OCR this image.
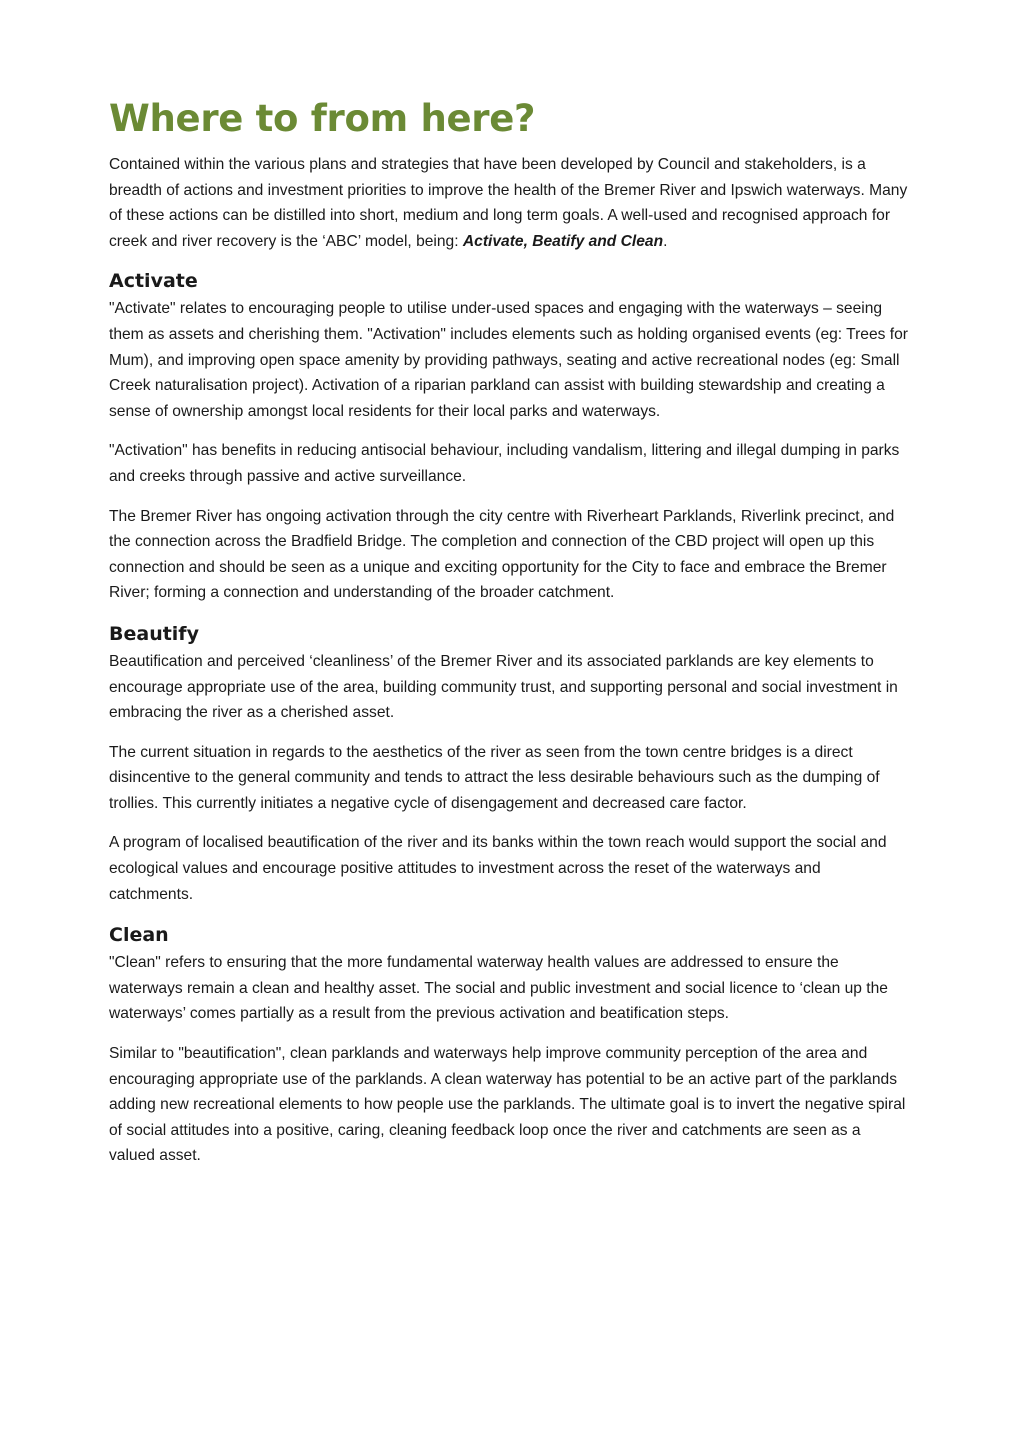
Where to from here?

Contained within the various plans and strategies that have been developed by Council and stakeholders, is a breadth of actions and investment priorities to improve the health of the Bremer River and Ipswich waterways. Many of these actions can be distilled into short, medium and long term goals. A well-used and recognised approach for creek and river recovery is the ‘ABC’ model, being: Activate, Beatify and Clean.

Activate

"Activate" relates to encouraging people to utilise under-used spaces and engaging with the waterways – seeing them as assets and cherishing them. "Activation" includes elements such as holding organised events (eg: Trees for Mum), and improving open space amenity by providing pathways, seating and active recreational nodes (eg: Small Creek naturalisation project). Activation of a riparian parkland can assist with building stewardship and creating a sense of ownership amongst local residents for their local parks and waterways.

"Activation" has benefits in reducing antisocial behaviour, including vandalism, littering and illegal dumping in parks and creeks through passive and active surveillance.

The Bremer River has ongoing activation through the city centre with Riverheart Parklands, Riverlink precinct, and the connection across the Bradfield Bridge. The completion and connection of the CBD project will open up this connection and should be seen as a unique and exciting opportunity for the City to face and embrace the Bremer River; forming a connection and understanding of the broader catchment.

Beautify

Beautification and perceived ‘cleanliness’ of the Bremer River and its associated parklands are key elements to encourage appropriate use of the area, building community trust, and supporting personal and social investment in embracing the river as a cherished asset.

The current situation in regards to the aesthetics of the river as seen from the town centre bridges is a direct disincentive to the general community and tends to attract the less desirable behaviours such as the dumping of trollies. This currently initiates a negative cycle of disengagement and decreased care factor.

A program of localised beautification of the river and its banks within the town reach would support the social and ecological values and encourage positive attitudes to investment across the reset of the waterways and catchments.

Clean

"Clean" refers to ensuring that the more fundamental waterway health values are addressed to ensure the waterways remain a clean and healthy asset. The social and public investment and social licence to ‘clean up the waterways’ comes partially as a result from the previous activation and beatification steps.

Similar to "beautification", clean parklands and waterways help improve community perception of the area and encouraging appropriate use of the parklands. A clean waterway has potential to be an active part of the parklands adding new recreational elements to how people use the parklands. The ultimate goal is to invert the negative spiral of social attitudes into a positive, caring, cleaning feedback loop once the river and catchments are seen as a valued asset.
